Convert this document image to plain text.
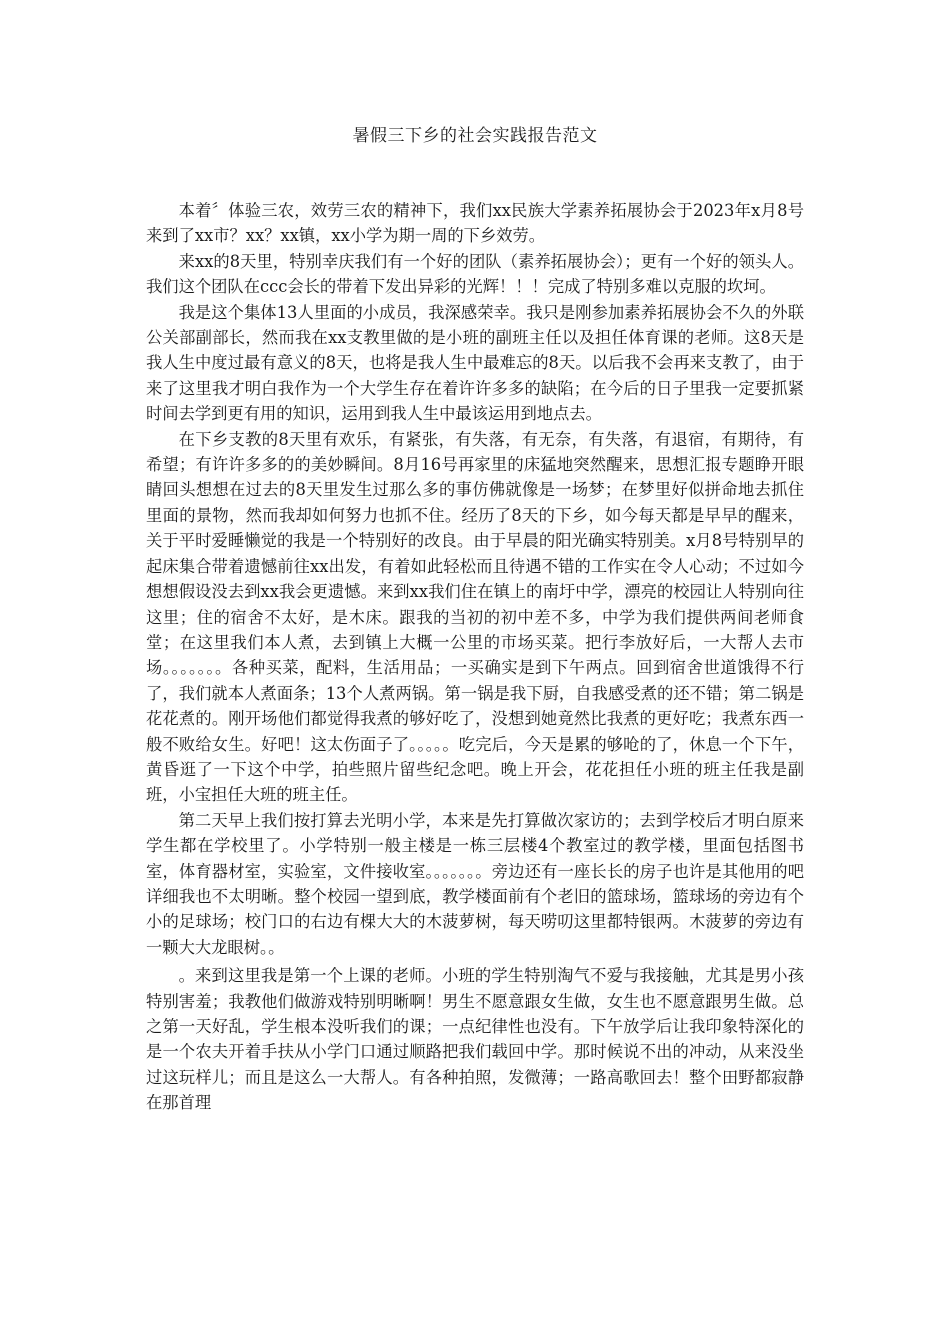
暑假三下乡的社会实践报告范文

本着〞体验三农，效劳三农的精神下，我们xx民族大学素养拓展协会于2023年x月8号来到了xx市？xx？xx镇，xx小学为期一周的下乡效劳。

来xx的8天里，特别幸庆我们有一个好的团队（素养拓展协会）；更有一个好的领头人。我们这个团队在ccc会长的带着下发出异彩的光辉！！！完成了特别多难以克服的坎坷。

我是这个集体13人里面的小成员，我深感荣幸。我只是刚参加素养拓展协会不久的外联公关部副部长，然而我在xx支教里做的是小班的副班主任以及担任体育课的老师。这8天是我人生中度过最有意义的8天，也将是我人生中最难忘的8天。以后我不会再来支教了，由于来了这里我才明白我作为一个大学生存在着许许多多的缺陷；在今后的日子里我一定要抓紧时间去学到更有用的知识，运用到我人生中最该运用到地点去。

在下乡支教的8天里有欢乐，有紧张，有失落，有无奈，有失落，有退宿，有期待，有希望；有许许多多的的美妙瞬间。8月16号再家里的床猛地突然醒来，思想汇报专题睁开眼睛回头想想在过去的8天里发生过那么多的事仿佛就像是一场梦；在梦里好似拼命地去抓住里面的景物，然而我却如何努力也抓不住。经历了8天的下乡，如今每天都是早早的醒来，关于平时爱睡懒觉的我是一个特别好的改良。由于早晨的阳光确实特别美。x月8号特别早的起床集合带着遗憾前往xx出发，有着如此轻松而且待遇不错的工作实在令人心动；不过如今想想假设没去到xx我会更遗憾。来到xx我们住在镇上的南圩中学，漂亮的校园让人特别向往这里；住的宿舍不太好，是木床。跟我的当初的初中差不多，中学为我们提供两间老师食堂；在这里我们本人煮，去到镇上大概一公里的市场买菜。把行李放好后，一大帮人去市场。。。。。。。各种买菜，配料，生活用品；一买确实是到下午两点。回到宿舍世道饿得不行了，我们就本人煮面条；13个人煮两锅。第一锅是我下厨，自我感受煮的还不错；第二锅是花花煮的。刚开场他们都觉得我煮的够好吃了，没想到她竟然比我煮的更好吃；我煮东西一般不败给女生。好吧！这太伤面子了。。。。。吃完后，今天是累的够呛的了，休息一个下午，黄昏逛了一下这个中学，拍些照片留些纪念吧。晚上开会，花花担任小班的班主任我是副班，小宝担任大班的班主任。

第二天早上我们按打算去光明小学，本来是先打算做次家访的；去到学校后才明白原来学生都在学校里了。小学特别一般主楼是一栋三层楼4个教室过的教学楼，里面包括图书室，体育器材室，实验室，文件接收室。。。。。。。旁边还有一座长长的房子也许是其他用的吧详细我也不太明晰。整个校园一望到底，教学楼面前有个老旧的篮球场，篮球场的旁边有个小的足球场；校门口的右边有棵大大的木菠萝树，每天唠叨这里都特银两。木菠萝的旁边有一颗大大龙眼树。。

。来到这里我是第一个上课的老师。小班的学生特别淘气不爱与我接触，尤其是男小孩特别害羞；我教他们做游戏特别明晰啊！男生不愿意跟女生做，女生也不愿意跟男生做。总之第一天好乱，学生根本没听我们的课；一点纪律性也没有。下午放学后让我印象特深化的是一个农夫开着手扶从小学门口通过顺路把我们载回中学。那时候说不出的冲动，从来没坐过这玩样儿；而且是这么一大帮人。有各种拍照，发微薄；一路高歌回去！整个田野都寂静在那首理
